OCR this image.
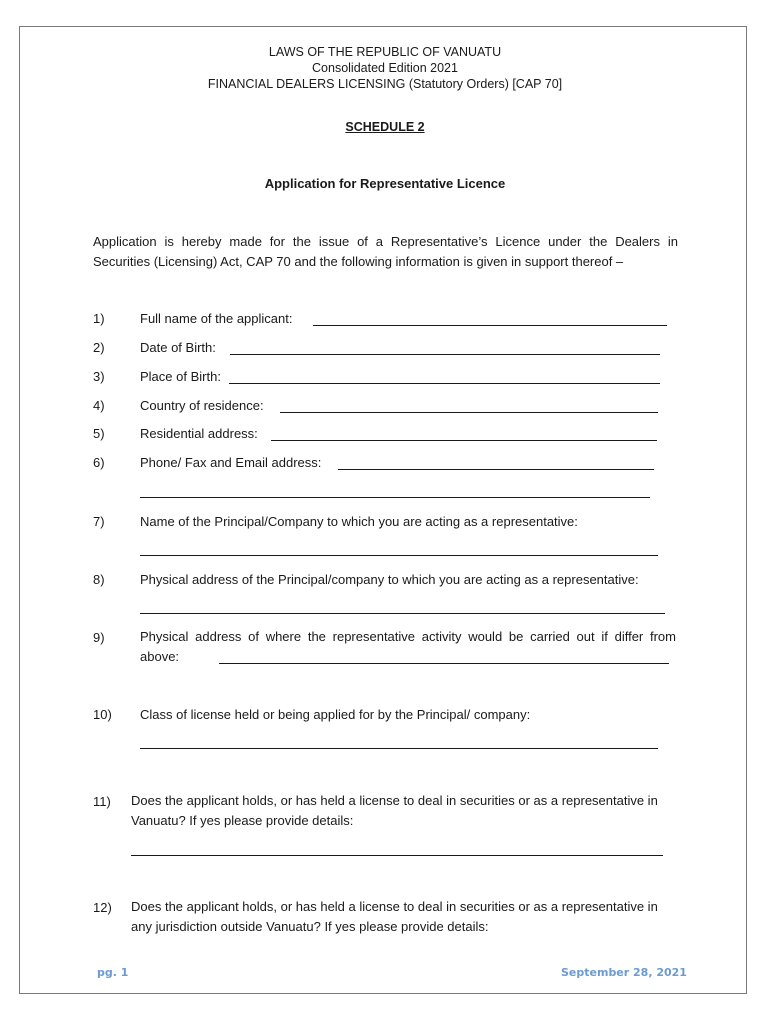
LAWS OF THE REPUBLIC OF VANUATU
Consolidated Edition 2021
FINANCIAL DEALERS LICENSING (Statutory Orders) [CAP 70]
SCHEDULE 2
Application for Representative Licence
Application is hereby made for the issue of a Representative’s Licence under the Dealers in Securities (Licensing) Act, CAP 70 and the following information is given in support thereof –
1)	Full name of the applicant:
2)	Date of Birth:
3)	Place of Birth:
4)	Country of residence:
5)	Residential address:
6)	Phone/ Fax and Email address:
7)	Name of the Principal/Company to which you are acting as a representative:
8)	Physical address of the Principal/company to which you are acting as a representative:
9)	Physical address of where the representative activity would be carried out if differ from above:
10) Class of license held or being applied for by the Principal/ company:
11) Does the applicant holds, or has held a license to deal in securities or as a representative in Vanuatu? If yes please provide details:
12) Does the applicant holds, or has held a license to deal in securities or as a representative in any jurisdiction outside Vanuatu? If yes please provide details:
pg. 1	September 28, 2021
